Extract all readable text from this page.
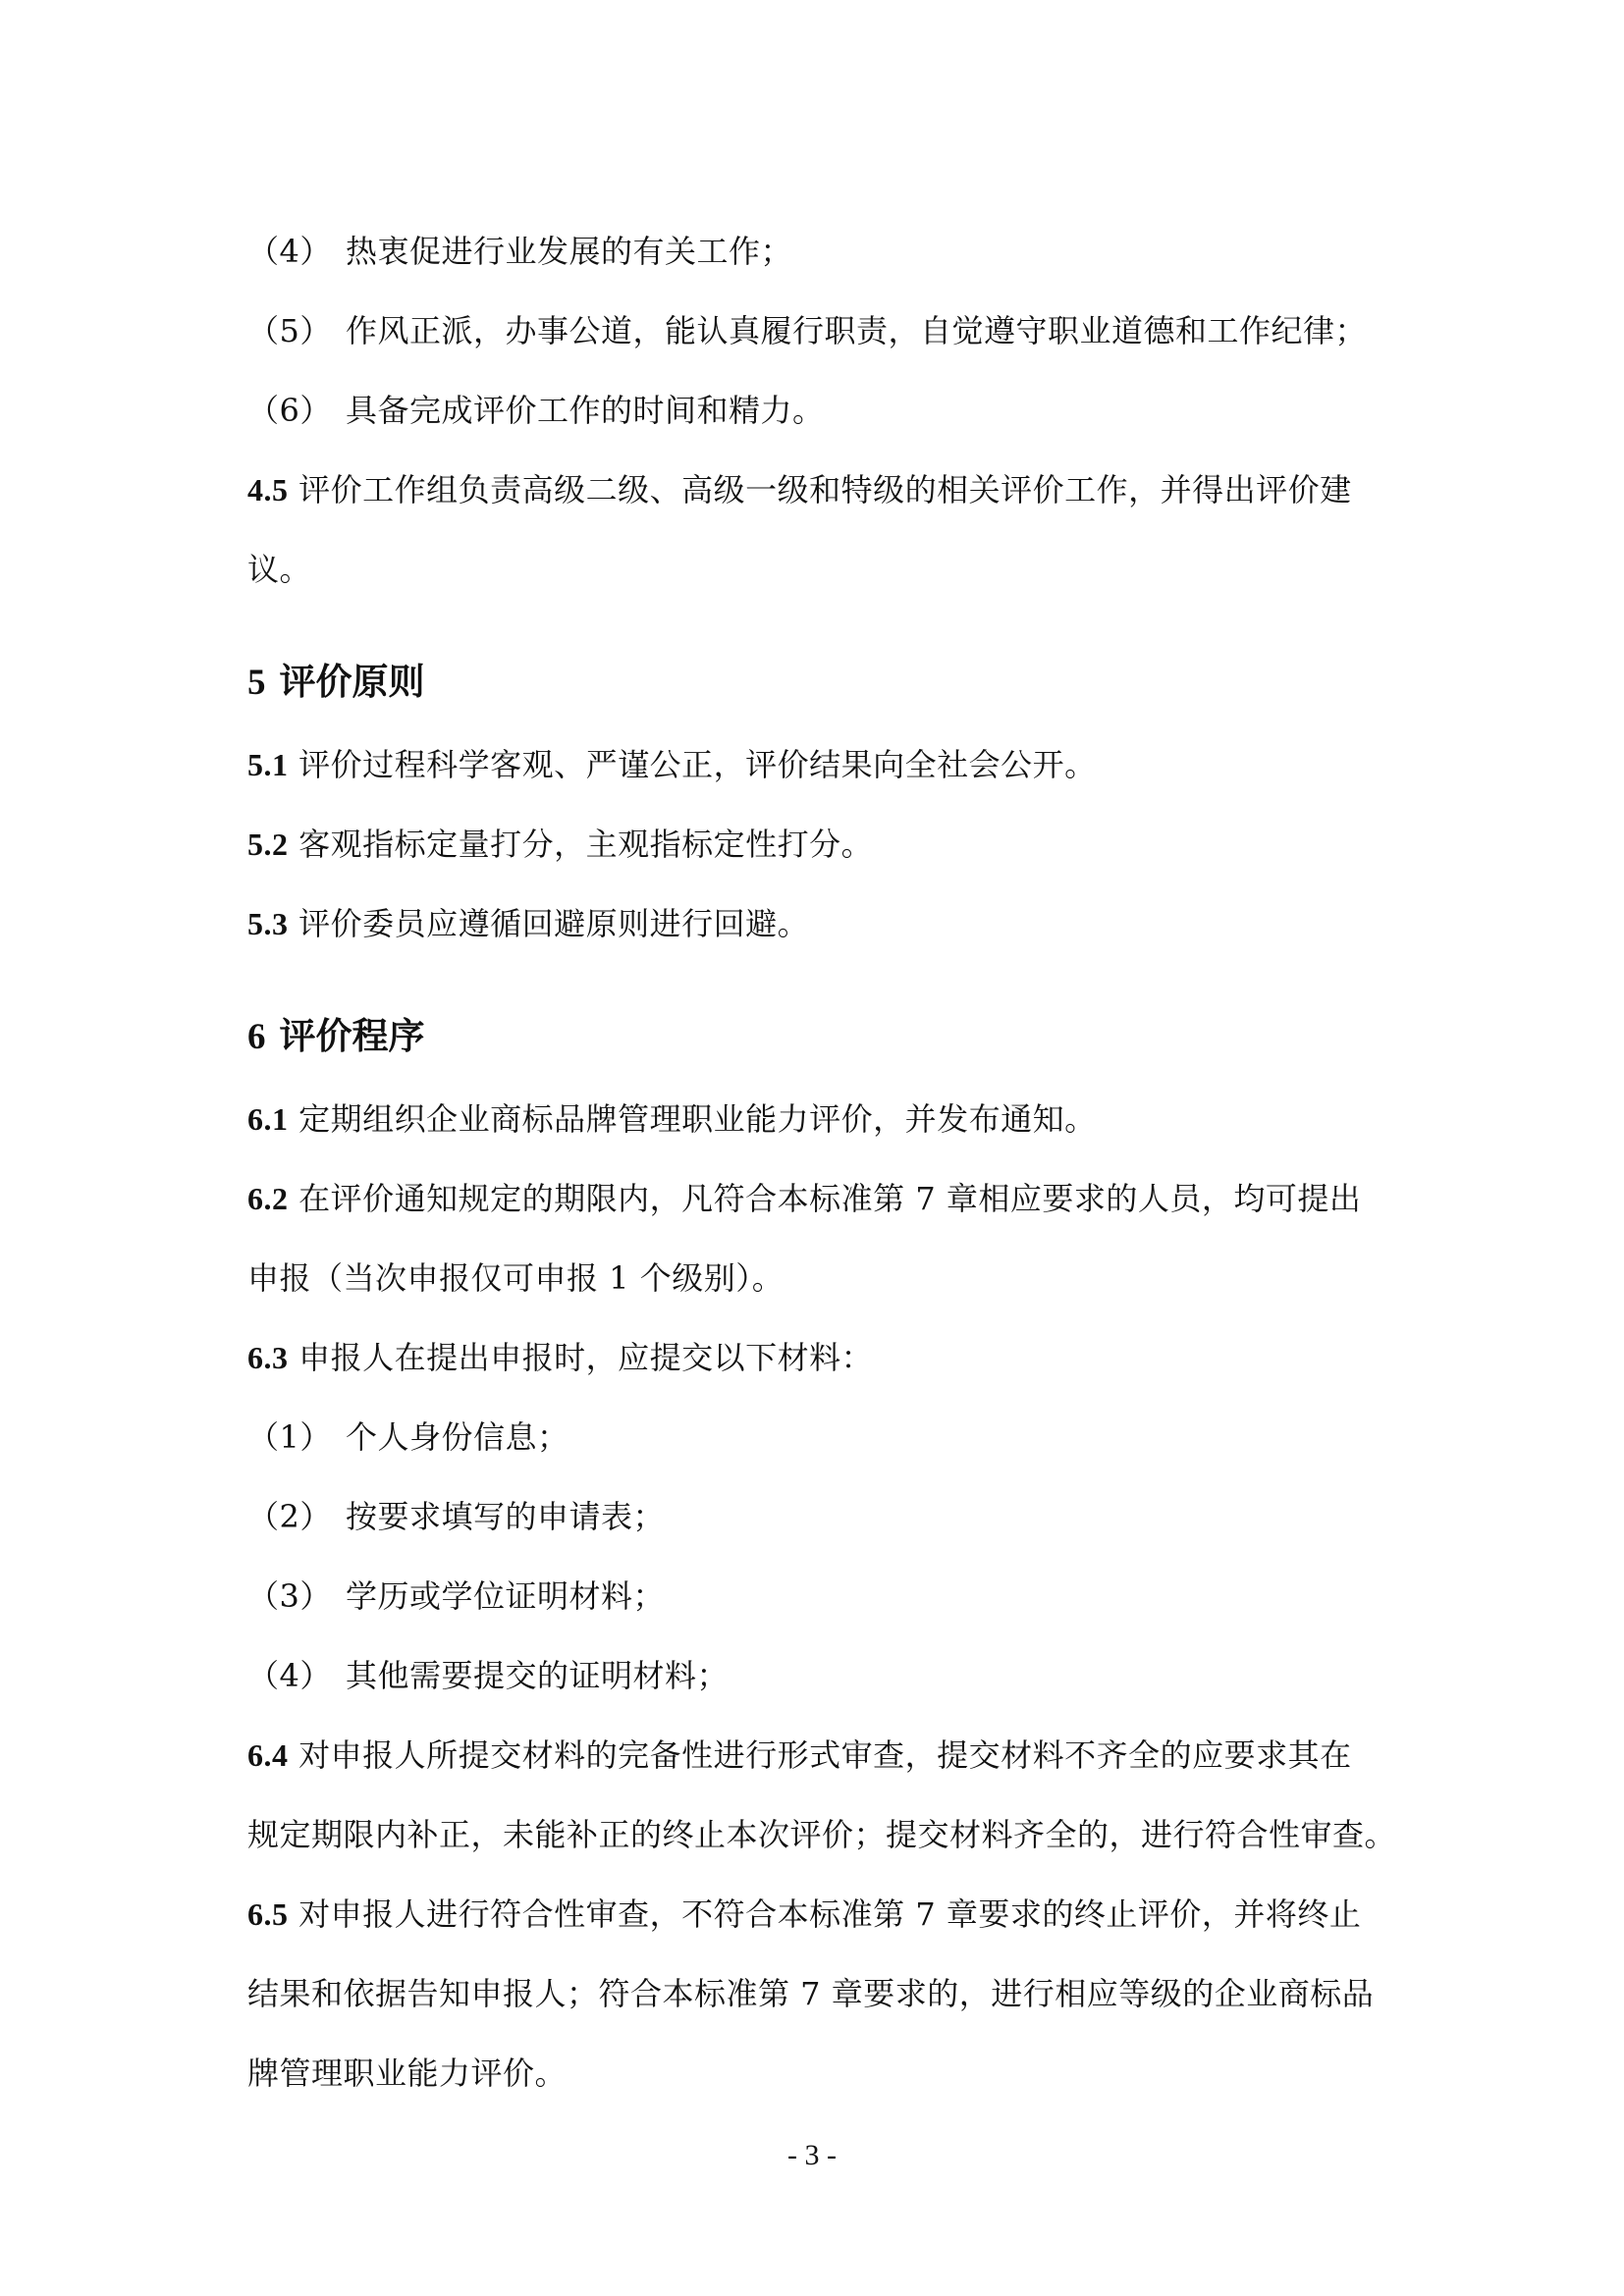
（4） 热衷促进行业发展的有关工作；
（5） 作风正派，办事公道，能认真履行职责，自觉遵守职业道德和工作纪律；
（6） 具备完成评价工作的时间和精力。
4.5 评价工作组负责高级二级、高级一级和特级的相关评价工作，并得出评价建
议。
5 评价原则
5.1 评价过程科学客观、严谨公正，评价结果向全社会公开。
5.2 客观指标定量打分，主观指标定性打分。
5.3 评价委员应遵循回避原则进行回避。
6 评价程序
6.1 定期组织企业商标品牌管理职业能力评价，并发布通知。
6.2 在评价通知规定的期限内，凡符合本标准第 7 章相应要求的人员，均可提出
申报（当次申报仅可申报 1 个级别）。
6.3 申报人在提出申报时，应提交以下材料：
（1） 个人身份信息；
（2） 按要求填写的申请表；
（3） 学历或学位证明材料；
（4） 其他需要提交的证明材料；
6.4 对申报人所提交材料的完备性进行形式审查，提交材料不齐全的应要求其在
规定期限内补正，未能补正的终止本次评价；提交材料齐全的，进行符合性审查。
6.5 对申报人进行符合性审查，不符合本标准第 7 章要求的终止评价，并将终止
结果和依据告知申报人；符合本标准第 7 章要求的，进行相应等级的企业商标品
牌管理职业能力评价。
- 3 -
